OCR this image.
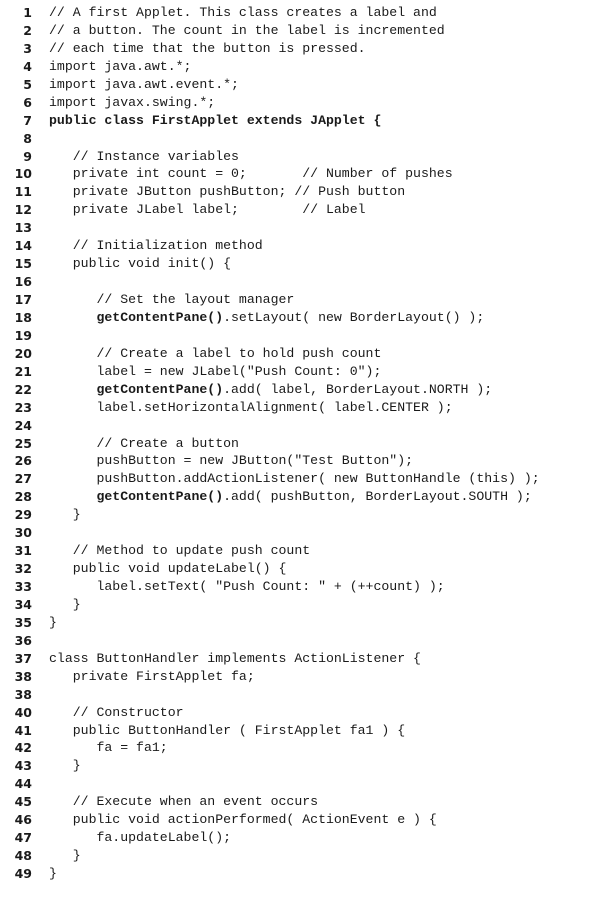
1 // A first Applet. This class creates a label and
2 // a button. The count in the label is incremented
3 // each time that the button is pressed.
4 import java.awt.*;
5 import java.awt.event.*;
6 import javax.swing.*;
7 public class FirstApplet extends JApplet {
8
9 // Instance variables
10 private int count = 0;       // Number of pushes
11 private JButton pushButton; // Push button
12 private JLabel label;        // Label
13
14 // Initialization method
15 public void init() {
16
17 // Set the layout manager
18	getContentPane().setLayout( new BorderLayout() );
19
20 // Create a label to hold push count
21 label = new JLabel("Push Count: 0");
22	getContentPane().add( label, BorderLayout.NORTH );
23 label.setHorizontalAlignment( label.CENTER );
24
25 // Create a button
26 pushButton = new JButton("Test Button");
27 pushButton.addActionListener( new ButtonHandle (this) );
28	getContentPane().add( pushButton, BorderLayout.SOUTH );
29 }
30
31 // Method to update push count
32 public void updateLabel() {
33 label.setText( "Push Count: " + (++count) );
34 }
35 }
36
37 class ButtonHandler implements ActionListener {
38 private FirstApplet fa;
38
40 // Constructor
41 public ButtonHandler ( FirstApplet fa1 ) {
42 fa = fa1;
43 }
44
45 // Execute when an event occurs
46 public void actionPerformed( ActionEvent e ) {
47 fa.updateLabel();
48 }
49 }
